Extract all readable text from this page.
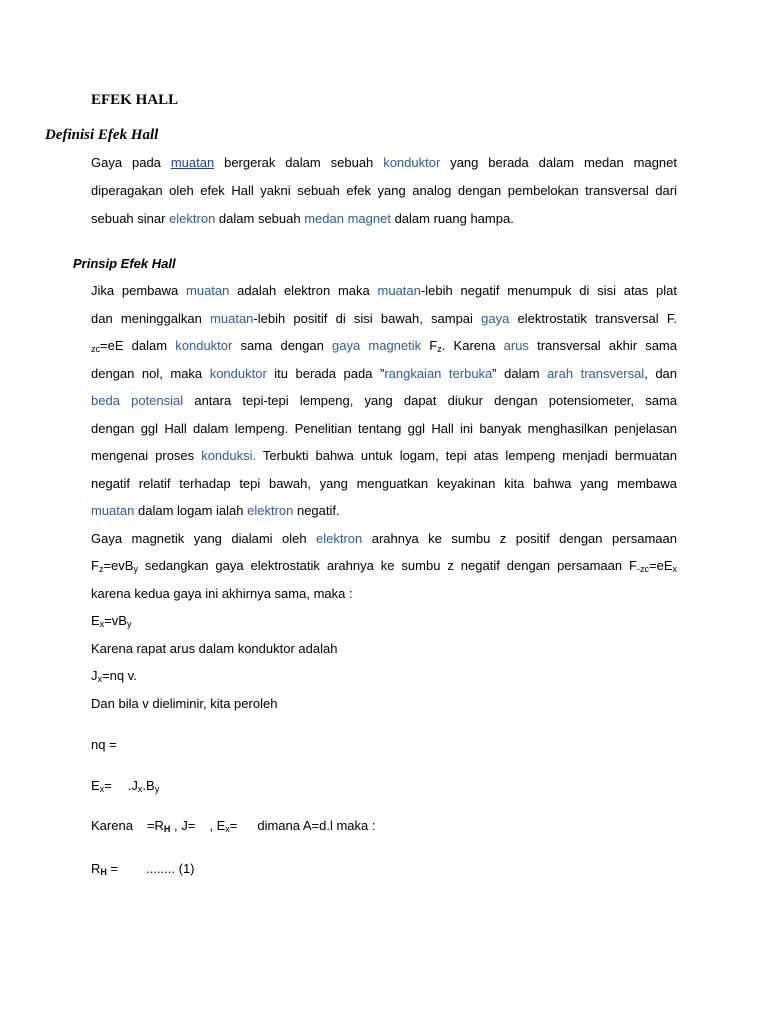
EFEK HALL
Definisi Efek Hall
Gaya pada muatan bergerak dalam sebuah konduktor yang berada dalam medan magnet
diperagakan oleh efek Hall yakni sebuah efek yang analog dengan pembelokan transversal dari
sebuah sinar elektron dalam sebuah medan magnet dalam ruang hampa.
Prinsip Efek Hall
Jika pembawa muatan adalah elektron maka muatan-lebih negatif menumpuk di sisi atas plat
dan meninggalkan muatan-lebih positif di sisi bawah, sampai gaya elektrostatik transversal F.
$_{zc}$=eE dalam konduktor sama dengan gaya magnetik $F_z$. Karena arus transversal akhir sama
dengan nol, maka konduktor itu berada pada ”rangkaian terbuka” dalam arah transversal, dan
beda potensial antara tepi-tepi lempeng, yang dapat diukur dengan potensiometer, sama
dengan ggl Hall dalam lempeng. Penelitian tentang ggl Hall ini banyak menghasilkan penjelasan
mengenai proses konduksi. Terbukti bahwa untuk logam, tepi atas lempeng menjadi bermuatan
negatif relatif terhadap tepi bawah, yang menguatkan keyakinan kita bahwa yang membawa
muatan dalam logam ialah elektron negatif.
Gaya magnetik yang dialami oleh elektron arahnya ke sumbu z positif dengan persamaan
$F_z=evB_y$ sedangkan gaya elektrostatik arahnya ke sumbu z negatif dengan persamaan $F_{-zc}=eE_x$
karena kedua gaya ini akhirnya sama, maka :
$E_x=vB_y$
Karena rapat arus dalam konduktor adalah
$J_x=nq$ v.
Dan bila v dieliminir, kita peroleh
nq =
$E_x= .J_x.B_y$
Karena $=R_H$ , J= , $E_x=$ dimana A=d.l maka :
$R_H$ = ........ (1)
